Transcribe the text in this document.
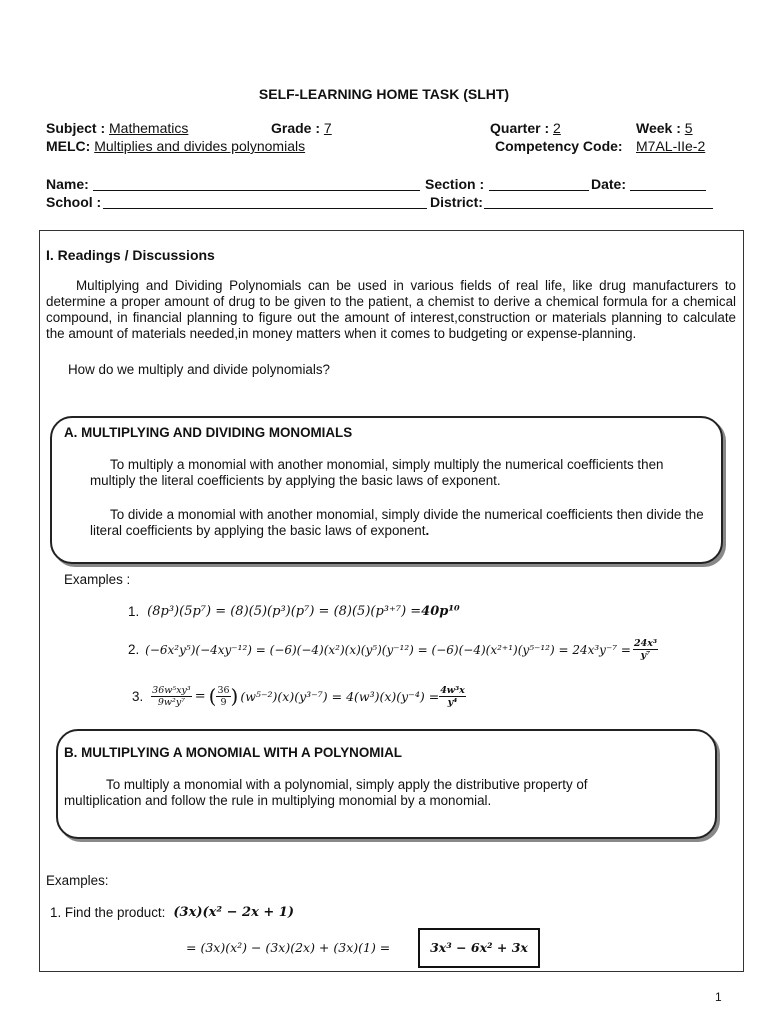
SELF-LEARNING HOME TASK (SLHT)
Subject : Mathematics	Grade : 7	Quarter : 2	Week : 5
MELC: Multiplies and divides polynomials	Competency Code: M7AL-IIe-2
Name:	Section :	Date:
School :	District:
I. Readings / Discussions
Multiplying and Dividing Polynomials can be used in various fields of real life, like drug manufacturers to determine a proper amount of drug to be given to the patient, a chemist to derive a chemical formula for a chemical compound, in financial planning to figure out the amount of interest,construction or materials planning to calculate the amount of materials needed,in money matters when it comes to budgeting or expense-planning.
How do we multiply and divide polynomials?
A. MULTIPLYING AND DIVIDING MONOMIALS
To multiply a monomial with another monomial, simply multiply the numerical coefficients then multiply the literal coefficients by applying the basic laws of exponent.
To divide a monomial with another monomial, simply divide the numerical coefficients then divide the literal coefficients by applying the basic laws of exponent.
Examples :
1. (8p³)(5p⁷) = (8)(5)(p³)(p⁷) = (8)(5)(p³⁺⁷) = 40p¹⁰
2. $(-6x^2y^5)(-4xy^{-12}) = (-6)(-4)(x^2)(x)(y^5)(y^{-12}) = (-6)(-4)(x^{2+1})(y^{5-12}) = 24x^3y^{-7} = \frac{\text{24x³}}{\text{y⁷}}$
3. $\frac{\text{36w⁵xy³}}{\text{9w²y⁷}}$ = ( $\frac{36}{9}$ ) $(w^{5-2})(x)(y^{3-7}) = 4(w^3)(x)(y^{-4}) = \frac{\text{4w³x}}{\text{y⁴}}$
B. MULTIPLYING A MONOMIAL WITH A POLYNOMIAL
To multiply a monomial with a polynomial, simply apply the distributive property of multiplication and follow the rule in multiplying monomial by a monomial.
Examples:
1. Find the product: (3x)(x² − 2x + 1)
= (3x)(x²) − (3x)(2x) + (3x)(1) =	3x³ − 6x² + 3x
1
